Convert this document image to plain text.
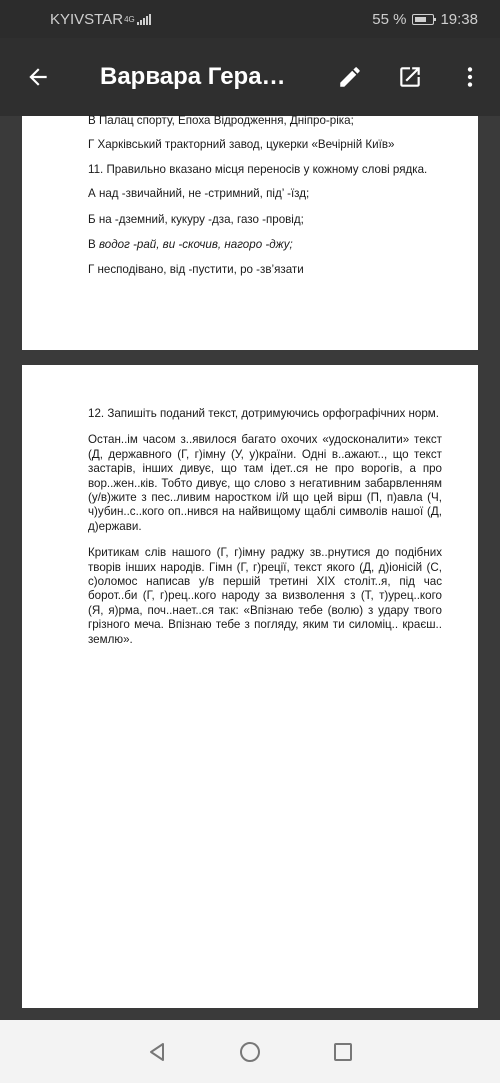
KYIVSTAR 4G	55 % 19:38
Варвара Гера…

В Палац спорту, Епоха Відродження, Дніпро-ріка;

Г Харківський тракторний завод, цукерки «Вечірній Київ»

11. Правильно вказано місця переносів у кожному слові рядка.

А над -звичайний, не -стримний, під’ -їзд;

Б на -дземний, кукуру -дза, газо -провід;

В водог -рай, ви -скочив, нагоро -джу;

Г несподівано, від -пустити, ро -зв’язати

12. Запишіть поданий текст, дотримуючись орфографічних норм.

Остан..ім часом з..явилося багато охочих «удосконалити» текст (Д, державного (Г, г)імну (У, у)країни. Одні в..ажают.., що текст застарів, інших дивує, що там ідет..ся не про ворогів, а про вор..жен..ків. Тобто дивує, що слово з негативним забарвленням (у/в)жите з пес..ливим наростком і/й що цей вірш (П, п)авла (Ч, ч)убин..с..кого оп..нився на найвищому щаблі символів нашої (Д, д)ержави.

Критикам слів нашого (Г, г)імну раджу зв..рнутися до подібних творів інших народів. Гімн (Г, г)реції, текст якого (Д, д)іонісій (С, с)оломос написав у/в першій третині ХІХ століт..я, під час борот..би (Г, г)рец..кого народу за визволення з (Т, т)урец..кого (Я, я)рма, поч..нает..ся так: «Впізнаю тебе (волю) з удару твого грізного меча. Впізнаю тебе з погляду, яким ти силоміц.. краєш.. землю».
